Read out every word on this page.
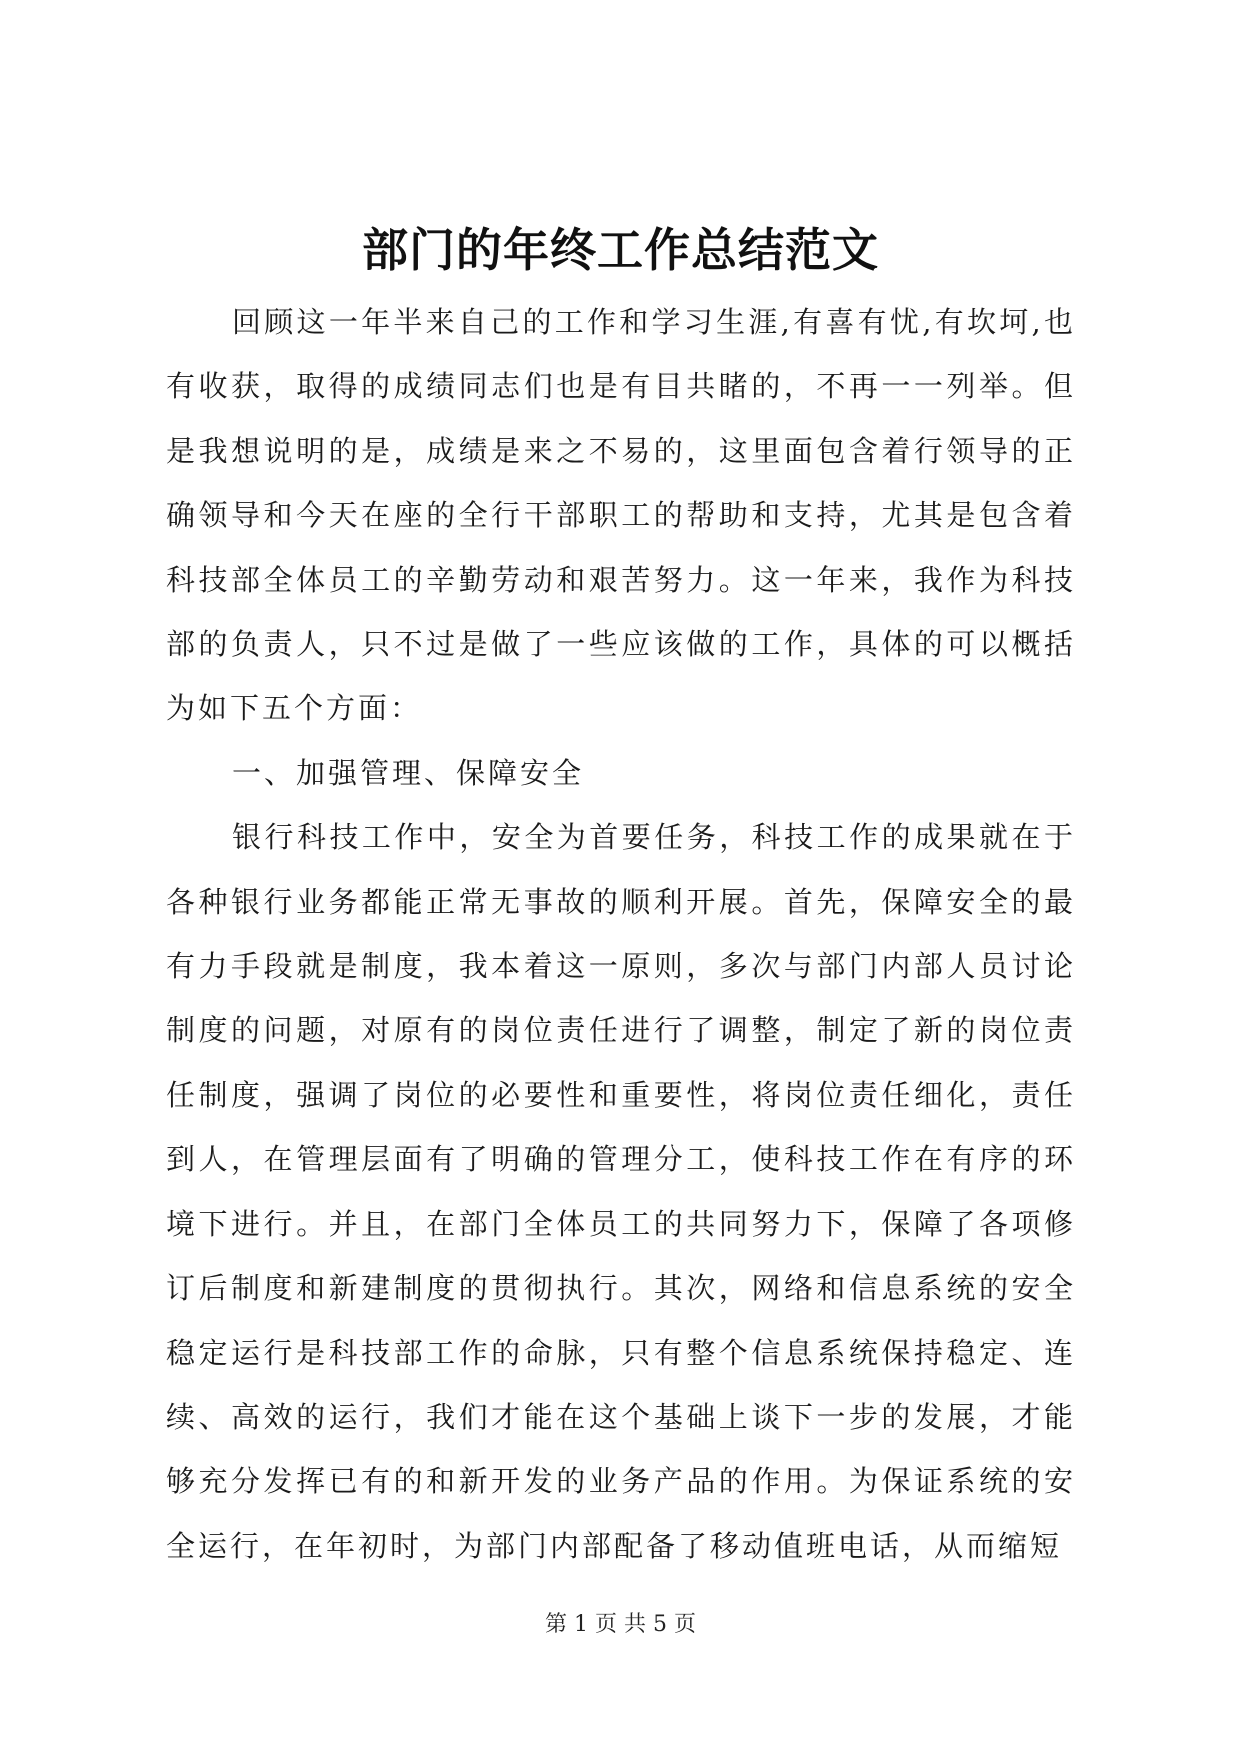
部门的年终工作总结范文

回顾这一年半来自己的工作和学习生涯,有喜有忧,有坎坷,也有收获，取得的成绩同志们也是有目共睹的，不再一一列举。但是我想说明的是，成绩是来之不易的，这里面包含着行领导的正确领导和今天在座的全行干部职工的帮助和支持，尤其是包含着科技部全体员工的辛勤劳动和艰苦努力。这一年来，我作为科技部的负责人，只不过是做了一些应该做的工作，具体的可以概括为如下五个方面：

一、加强管理、保障安全

银行科技工作中，安全为首要任务，科技工作的成果就在于各种银行业务都能正常无事故的顺利开展。首先，保障安全的最有力手段就是制度，我本着这一原则，多次与部门内部人员讨论制度的问题，对原有的岗位责任进行了调整，制定了新的岗位责任制度，强调了岗位的必要性和重要性，将岗位责任细化，责任到人，在管理层面有了明确的管理分工，使科技工作在有序的环境下进行。并且，在部门全体员工的共同努力下，保障了各项修订后制度和新建制度的贯彻执行。其次，网络和信息系统的安全稳定运行是科技部工作的命脉，只有整个信息系统保持稳定、连续、高效的运行，我们才能在这个基础上谈下一步的发展，才能够充分发挥已有的和新开发的业务产品的作用。为保证系统的安全运行，在年初时，为部门内部配备了移动值班电话，从而缩短

第 1 页 共 5 页
